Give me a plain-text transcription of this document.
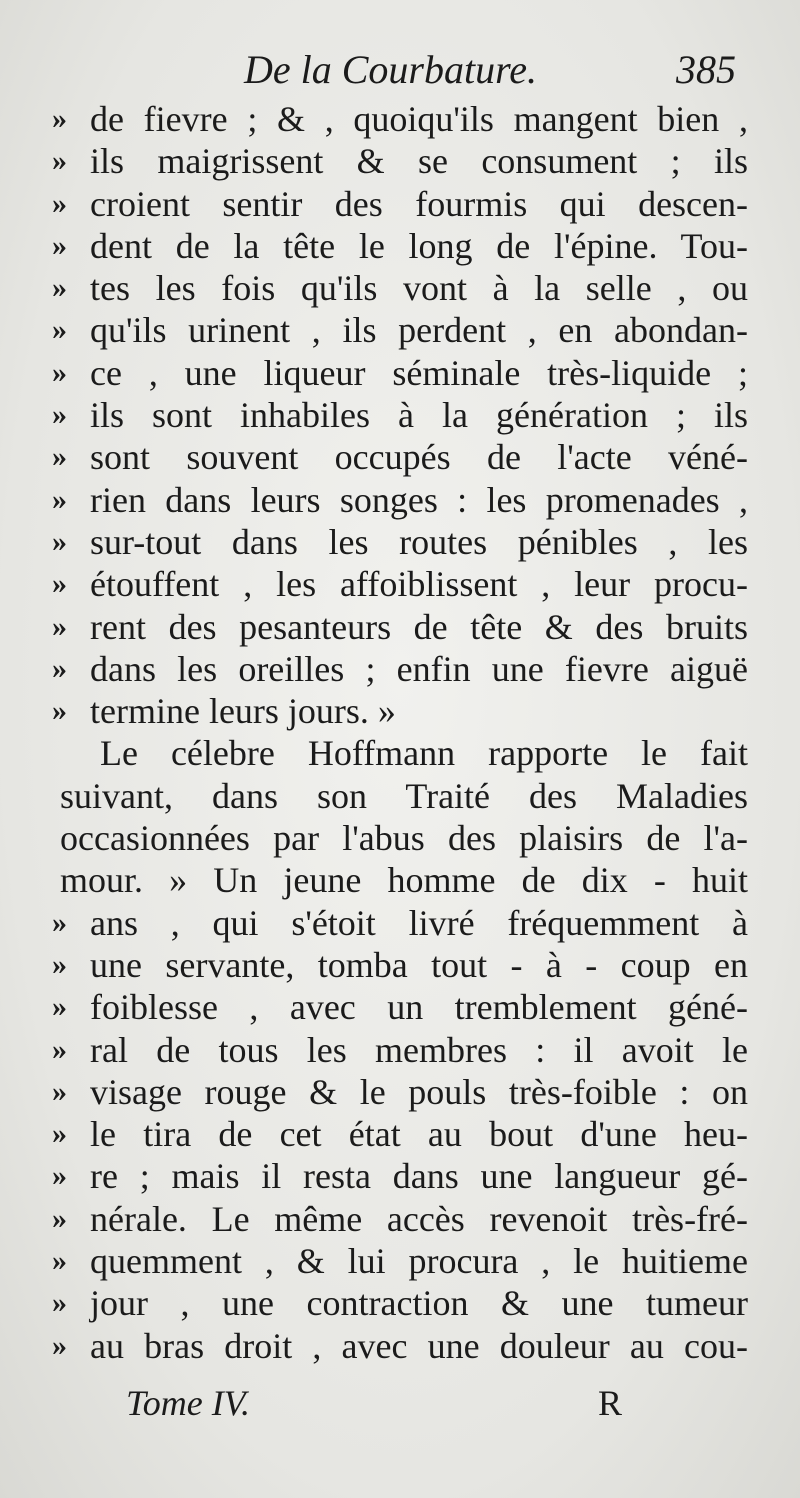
De la Courbature.	385
» de fievre ; & , quoiqu'ils mangent bien ,
» ils maigrissent & se consument ; ils
» croient sentir des fourmis qui descen-
» dent de la tête le long de l'épine. Tou-
» tes les fois qu'ils vont à la selle , ou
» qu'ils urinent , ils perdent , en abondan-
» ce , une liqueur séminale très-liquide ;
» ils sont inhabiles à la génération ; ils
» sont souvent occupés de l'acte véné-
» rien dans leurs songes : les promenades ,
» sur-tout dans les routes pénibles , les
» étouffent , les affoiblissent , leur procu-
» rent des pesanteurs de tête & des bruits
» dans les oreilles ; enfin une fievre aiguë
» termine leurs jours. »
Le célebre Hoffmann rapporte le fait
suivant, dans son Traité des Maladies
occasionnées par l'abus des plaisirs de l'a-
mour. » Un jeune homme de dix - huit
» ans , qui s'étoit livré fréquemment à
» une servante, tomba tout - à - coup en
» foiblesse , avec un tremblement géné-
» ral de tous les membres : il avoit le
» visage rouge & le pouls très-foible : on
» le tira de cet état au bout d'une heu-
» re ; mais il resta dans une langueur gé-
» nérale. Le même accès revenoit très-fré-
» quemment , & lui procura , le huitieme
» jour , une contraction & une tumeur
» au bras droit , avec une douleur au cou-
Tome IV.	R
